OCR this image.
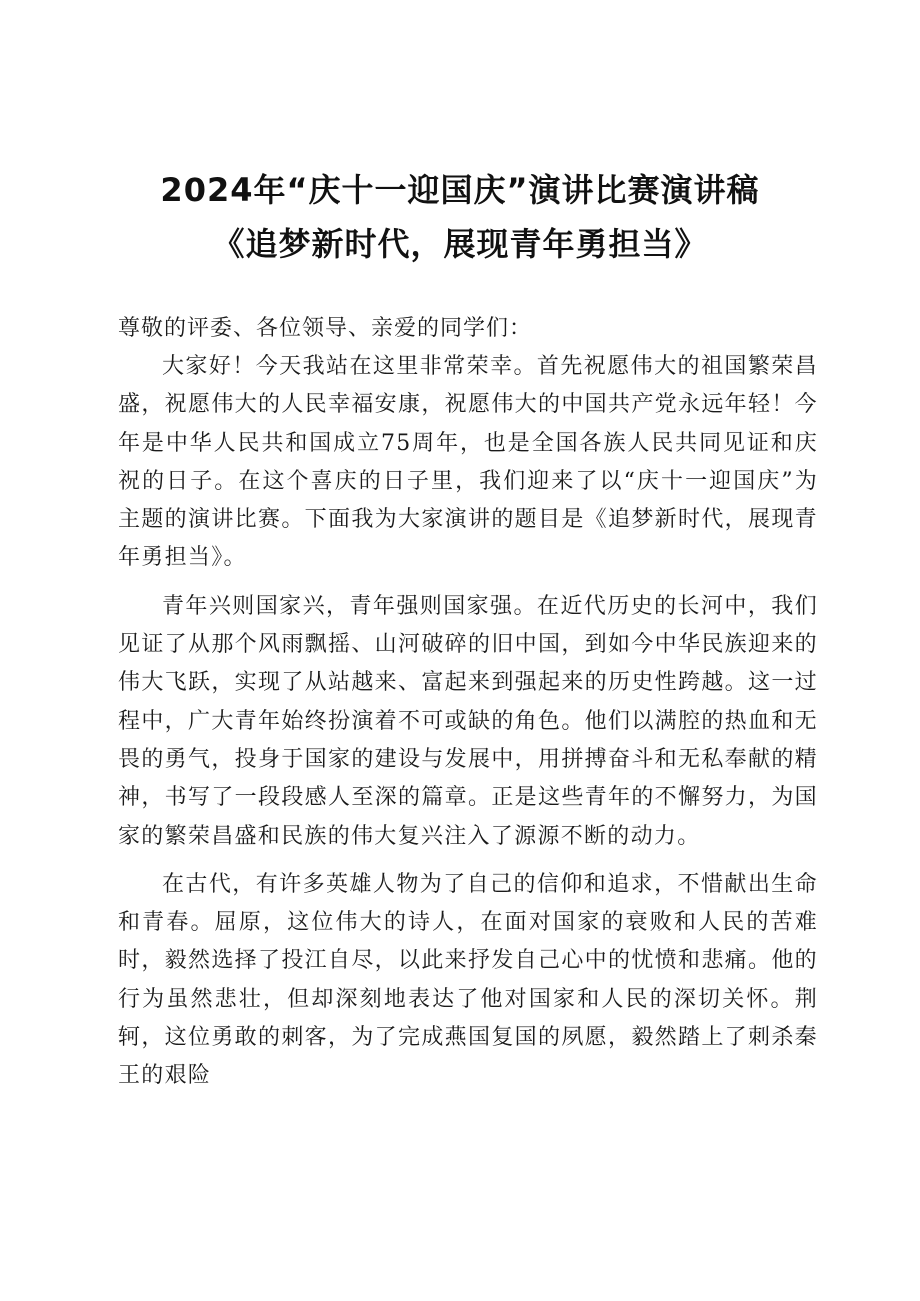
2024年“庆十一迎国庆”演讲比赛演讲稿
《追梦新时代，展现青年勇担当》
尊敬的评委、各位领导、亲爱的同学们：

大家好！今天我站在这里非常荣幸。首先祝愿伟大的祖国繁荣昌盛，祝愿伟大的人民幸福安康，祝愿伟大的中国共产党永远年轻！今年是中华人民共和国成立75周年，也是全国各族人民共同见证和庆祝的日子。在这个喜庆的日子里，我们迎来了以“庆十一迎国庆”为主题的演讲比赛。下面我为大家演讲的题目是《追梦新时代，展现青年勇担当》。

青年兴则国家兴，青年强则国家强。在近代历史的长河中，我们见证了从那个风雨飘摇、山河破碎的旧中国，到如今中华民族迎来的伟大飞跃，实现了从站越来、富起来到强起来的历史性跨越。这一过程中，广大青年始终扮演着不可或缺的角色。他们以满腔的热血和无畏的勇气，投身于国家的建设与发展中，用拼搏奋斗和无私奉献的精神，书写了一段段感人至深的篇章。正是这些青年的不懈努力，为国家的繁荣昌盛和民族的伟大复兴注入了源源不断的动力。

在古代，有许多英雄人物为了自己的信仰和追求，不惜献出生命和青春。屈原，这位伟大的诗人，在面对国家的衰败和人民的苦难时，毅然选择了投江自尽，以此来抒发自己心中的忧愤和悲痛。他的行为虽然悲壮，但却深刻地表达了他对国家和人民的深切关怀。荆轲，这位勇敢的刺客，为了完成燕国复国的夙愿，毅然踏上了刺杀秦王的艰险
